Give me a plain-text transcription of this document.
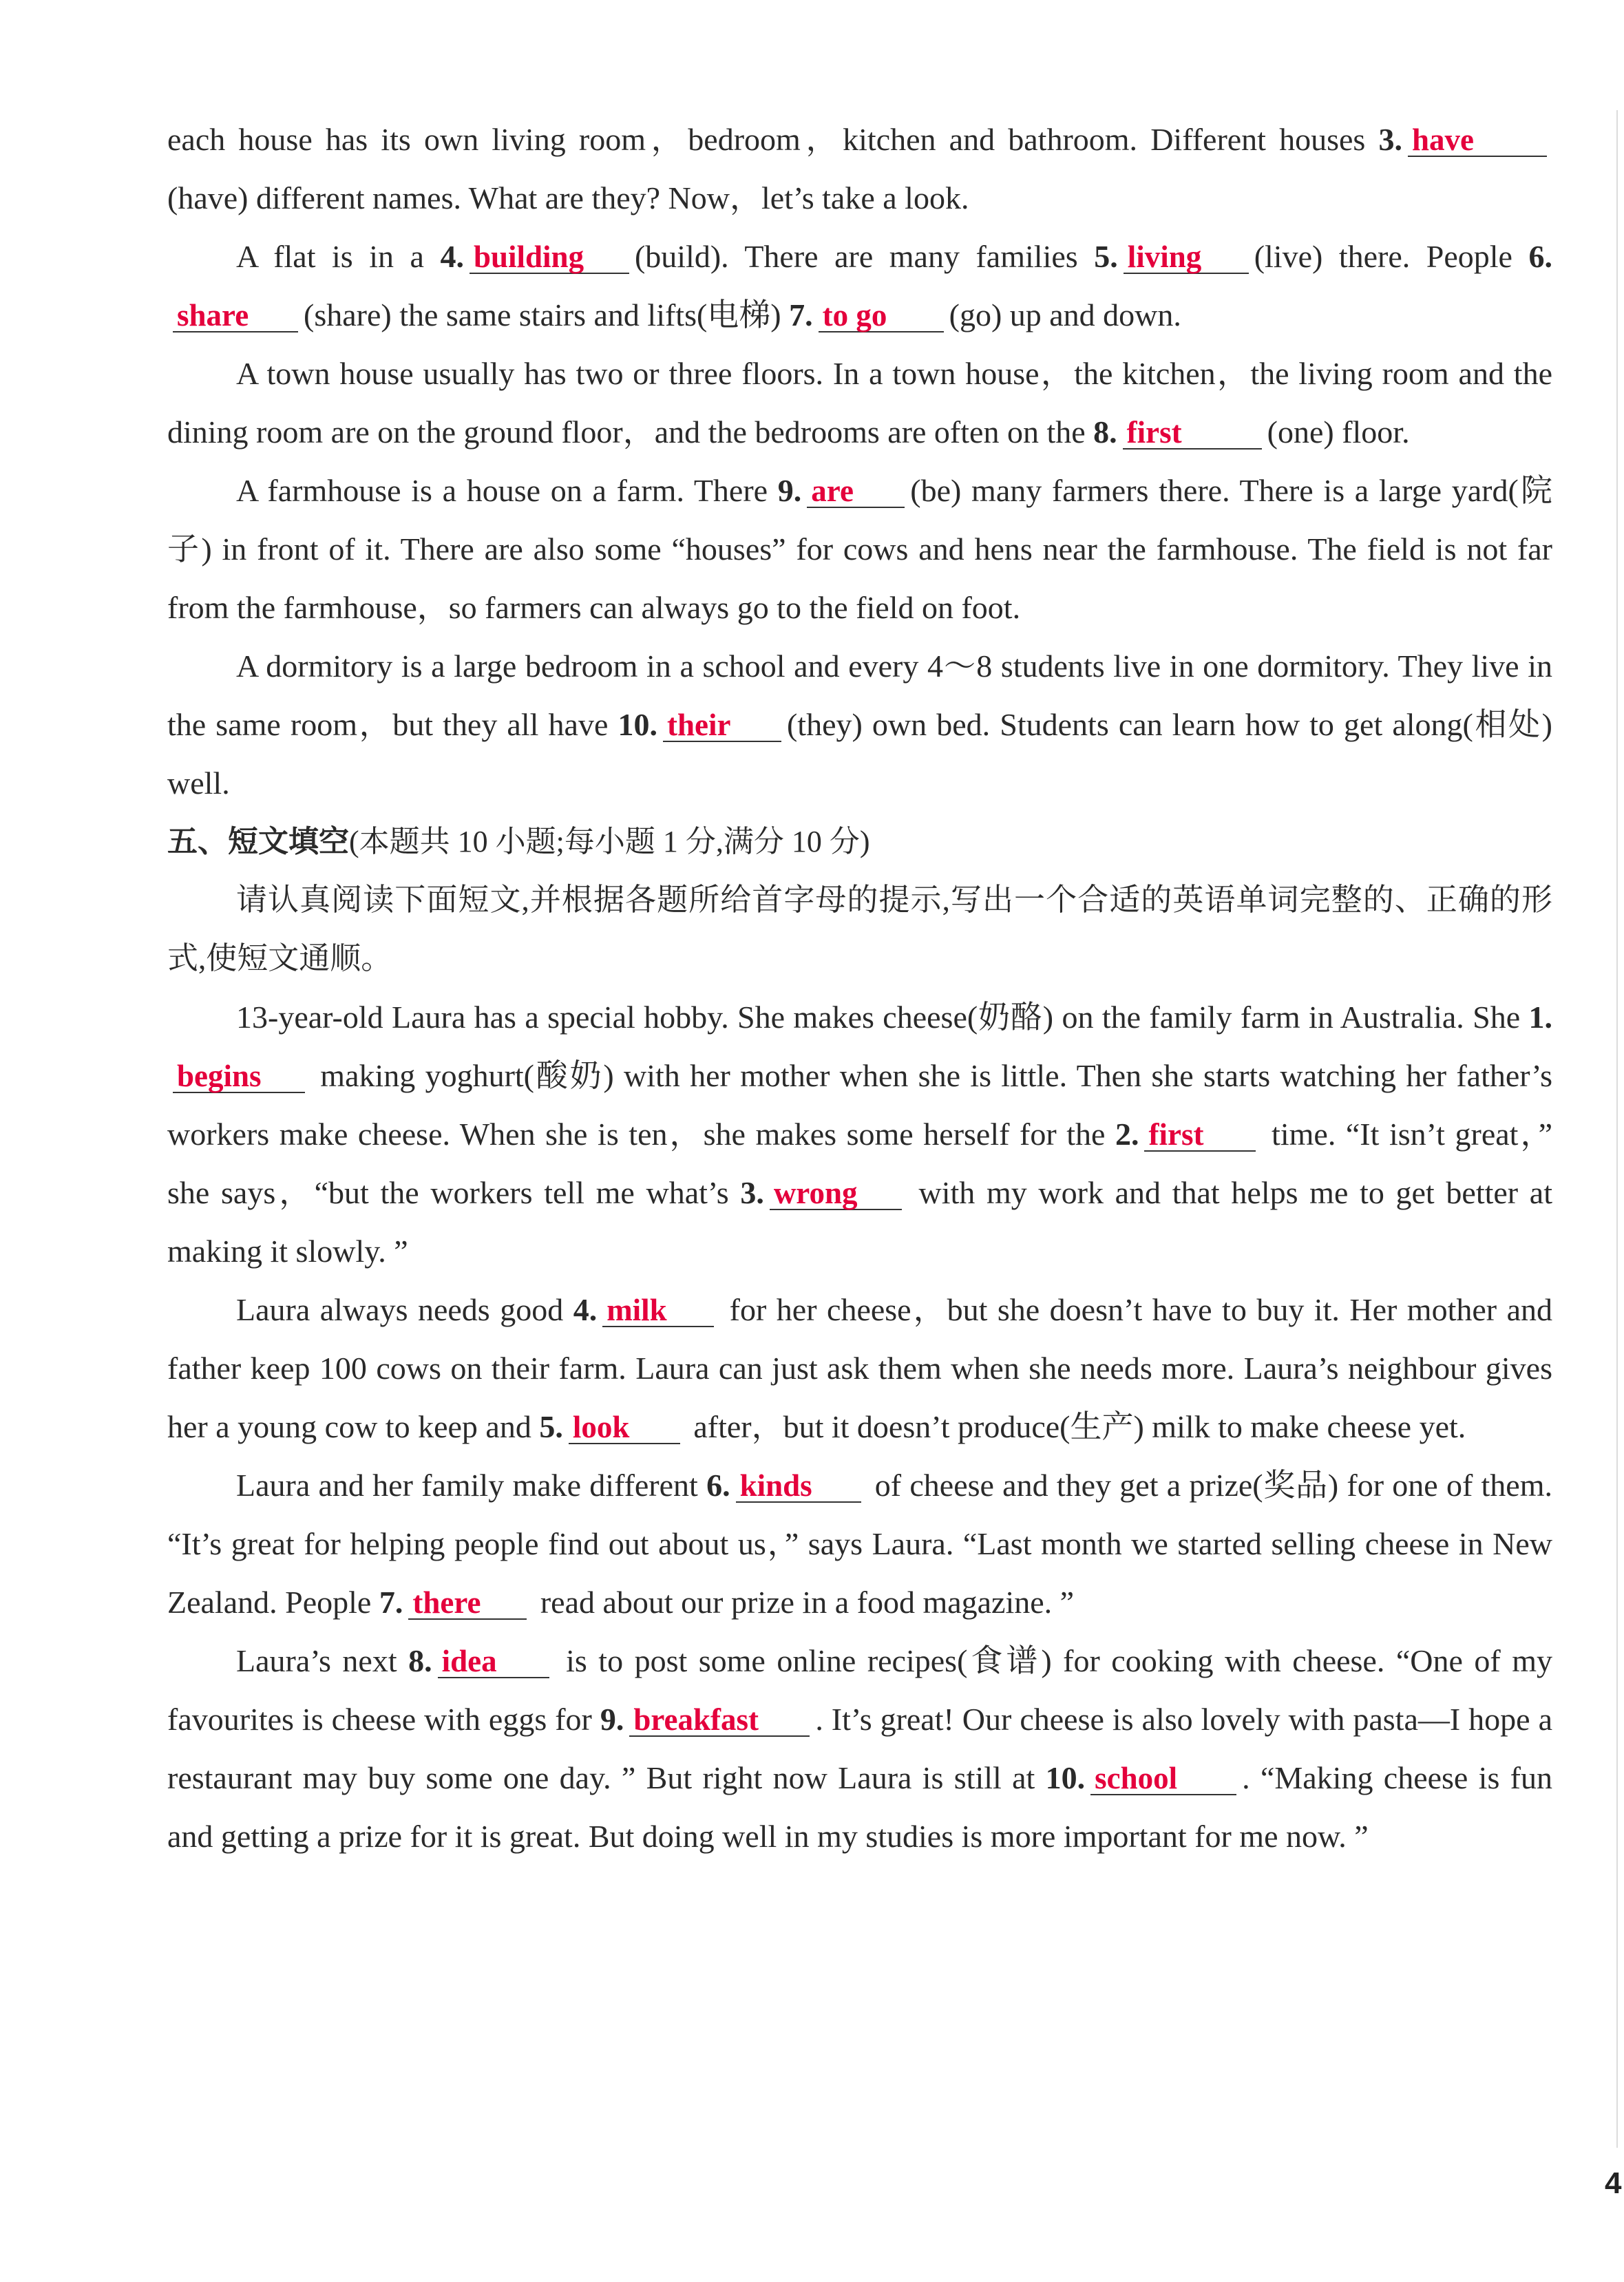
each house has its own living room，bedroom，kitchen and bathroom. Different houses 3. have(have) different names. What are they? Now，let’s take a look.

A flat is in a 4. building (build). There are many families 5. living (live) there. People 6.share (share) the same stairs and lifts(电梯) 7. to go (go) up and down.

A town house usually has two or three floors. In a town house，the kitchen，the living room and the dining room are on the ground floor，and the bedrooms are often on the 8. first	(one) floor.

A farmhouse is a house on a farm. There 9. are (be) many farmers there. There is a large yard(院子) in front of it. There are also some “houses” for cows and hens near the farmhouse. The field is not far from the farmhouse，so farmers can always go to the field on foot.

A dormitory is a large bedroom in a school and every 4～8 students live in one dormitory. They live in the same room，but they all have 10. their (they) own bed. Students can learn how to get along(相处) well.

五、短文填空(本题共 10 小题;每小题 1 分,满分 10 分)

请认真阅读下面短文,并根据各题所给首字母的提示,写出一个合适的英语单词完整的、正确的形式,使短文通顺。

13-year-old Laura has a special hobby. She makes cheese(奶酪) on the family farm in Australia. She 1.begins making yoghurt(酸奶) with her mother when she is little. Then she starts watching her father’s workers make cheese. When she is ten，she makes some herself for the 2. first time. “It isn’t great，” she says，“but the workers tell me what’s 3. wrong with my work and that helps me to get better at making it slowly. ”

Laura always needs good 4. milk for her cheese，but she doesn’t have to buy it. Her mother and father keep 100 cows on their farm. Laura can just ask them when she needs more. Laura’s neighbour gives her a young cow to keep and 5. look after，but it doesn’t produce(生产) milk to make cheese yet.

Laura and her family make different 6. kinds of cheese and they get a prize(奖品) for one of them. “It’s great for helping people find out about us，” says Laura. “Last month we started selling cheese in New Zealand. People 7. there read about our prize in a food magazine. ”

Laura’s next 8. idea is to post some online recipes(食谱) for cooking with cheese. “One of my favourites is cheese with eggs for 9. breakfast . It’s great! Our cheese is also lovely with pasta—I hope a restaurant may buy some one day. ” But right now Laura is still at 10. school . “Making cheese is fun and getting a prize for it is great. But doing well in my studies is more important for me now. ”

4
